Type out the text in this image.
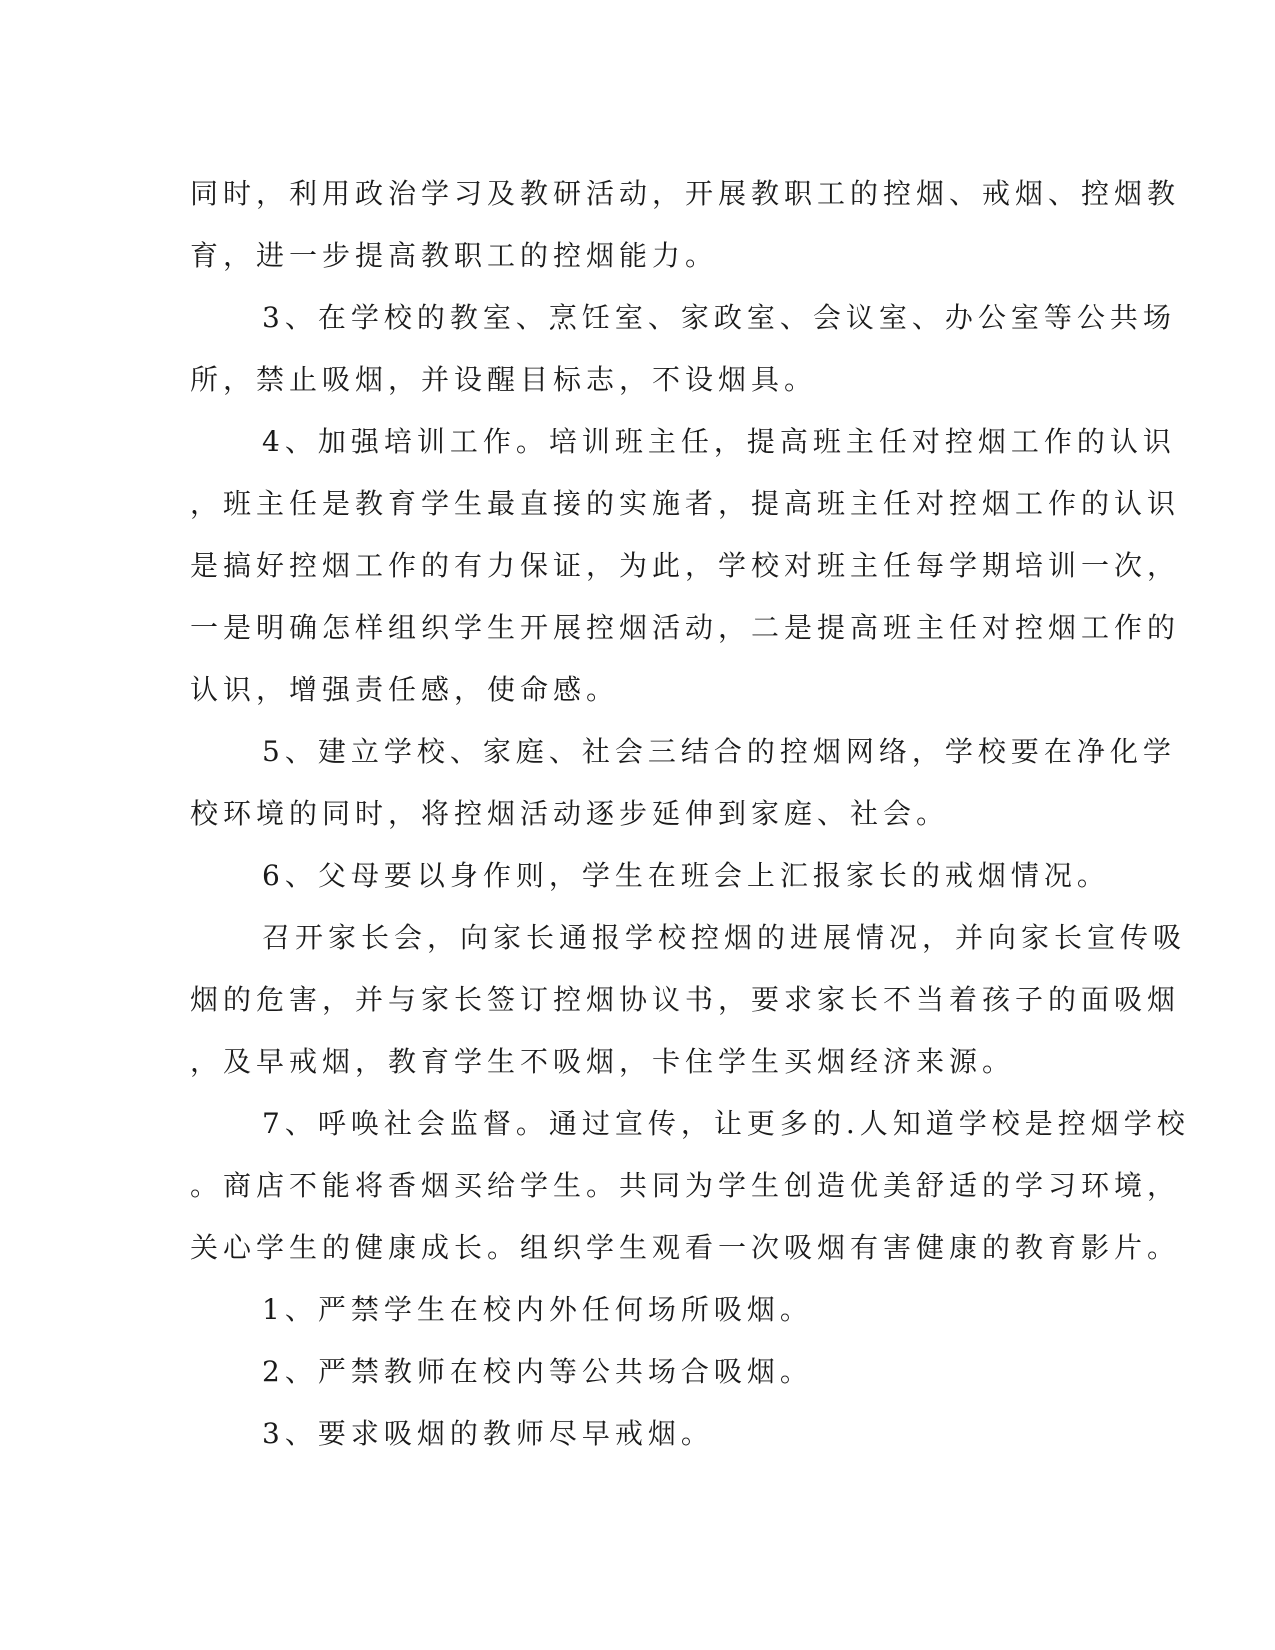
同时，利用政治学习及教研活动，开展教职工的控烟、戒烟、控烟教
育，进一步提高教职工的控烟能力。
3、在学校的教室、烹饪室、家政室、会议室、办公室等公共场
所，禁止吸烟，并设醒目标志，不设烟具。
4、加强培训工作。培训班主任，提高班主任对控烟工作的认识
，班主任是教育学生最直接的实施者，提高班主任对控烟工作的认识
是搞好控烟工作的有力保证，为此，学校对班主任每学期培训一次，
一是明确怎样组织学生开展控烟活动，二是提高班主任对控烟工作的
认识，增强责任感，使命感。
5、建立学校、家庭、社会三结合的控烟网络，学校要在净化学
校环境的同时，将控烟活动逐步延伸到家庭、社会。
6、父母要以身作则，学生在班会上汇报家长的戒烟情况。
召开家长会，向家长通报学校控烟的进展情况，并向家长宣传吸
烟的危害，并与家长签订控烟协议书，要求家长不当着孩子的面吸烟
，及早戒烟，教育学生不吸烟，卡住学生买烟经济来源。
7、呼唤社会监督。通过宣传，让更多的.人知道学校是控烟学校
。商店不能将香烟买给学生。共同为学生创造优美舒适的学习环境，
关心学生的健康成长。组织学生观看一次吸烟有害健康的教育影片。
1、严禁学生在校内外任何场所吸烟。
2、严禁教师在校内等公共场合吸烟。
3、要求吸烟的教师尽早戒烟。
